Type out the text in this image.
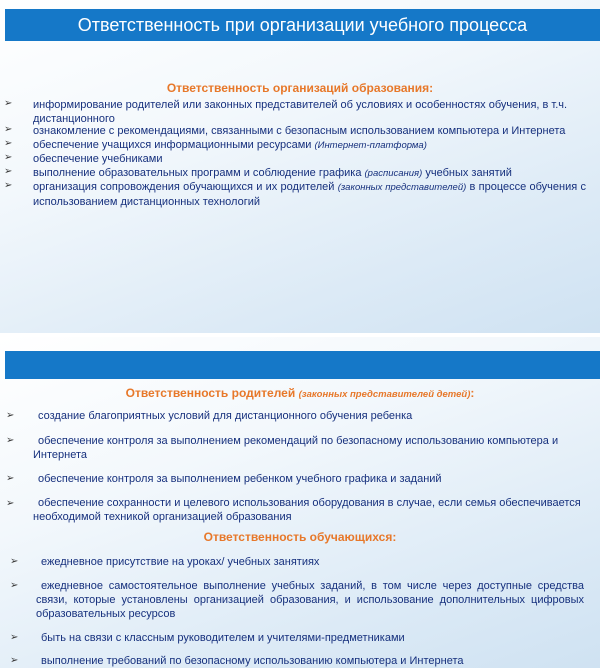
Ответственность при организации учебного процесса
Ответственность организаций образования:
➢ информирование родителей или законных представителей об условиях и особенностях обучения, в т.ч. дистанционного
➢ ознакомление с рекомендациями, связанными с безопасным использованием компьютера и Интернета
➢ обеспечение учащихся информационными ресурсами (Интернет-платформа)
➢ обеспечение учебниками
➢ выполнение образовательных программ и соблюдение графика (расписания) учебных занятий
➢ организация сопровождения обучающихся и их родителей (законных представителей) в процессе обучения с использованием дистанционных технологий
Ответственность родителей (законных представителей детей):
➢ создание благоприятных условий для дистанционного обучения ребенка
➢	обеспечение контроля за выполнением рекомендаций по безопасному использованию компьютера и Интернета
➢ обеспечение контроля за выполнением ребенком учебного графика и заданий
➢	обеспечение сохранности и целевого использования оборудования в случае, если семья обеспечивается необходимой техникой организацией образования
Ответственность обучающихся:
➢ ежедневное присутствие на уроках/ учебных занятиях
➢	ежедневное самостоятельное выполнение учебных заданий, в том числе через доступные средства связи, которые установлены организацией образования, и использование дополнительных цифровых образовательных ресурсов
➢ быть на связи с классным руководителем и учителями-предметниками
➢ выполнение требований по безопасному использованию компьютера и Интернета
